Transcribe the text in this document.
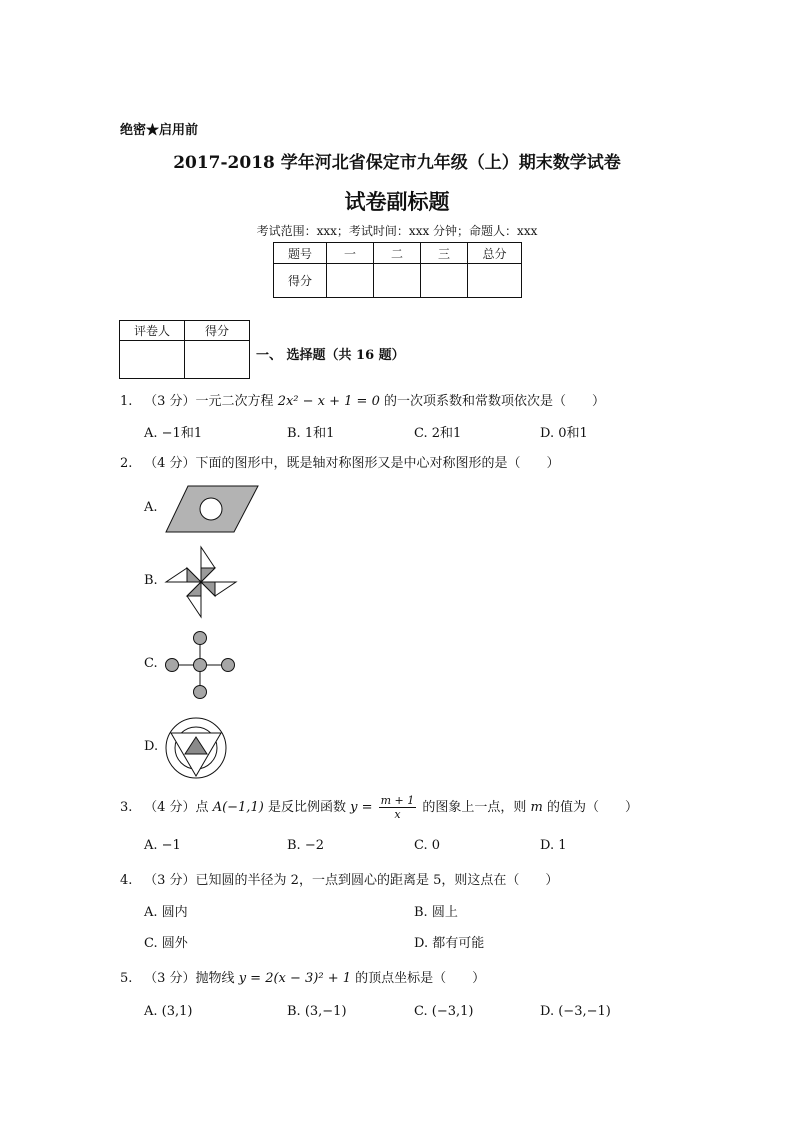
绝密★启用前
2017-2018 学年河北省保定市九年级（上）期末数学试卷
试卷副标题
考试范围：xxx；考试时间：xxx 分钟；命题人：xxx
题号	一	二	三	总分
得分				
评卷人	得分

一、 选择题（共 16 题）
1. （3 分）一元二次方程 2x² − x + 1 = 0 的一次项系数和常数项依次是（　　）
A. −1和1	B. 1和1	C. 2和1	D. 0和1
2. （4 分）下面的图形中，既是轴对称图形又是中心对称图形的是（　　）
A.
B.
C.
D.
3. （4 分）点 A(−1,1) 是反比例函数 $y = \frac{m + 1}{x}$ 的图象上一点，则 m 的值为（　　）
A. −1	B. −2	C. 0	D. 1
4. （3 分）已知圆的半径为 2，一点到圆心的距离是 5，则这点在（　　）
A. 圆内	B. 圆上
C. 圆外	D. 都有可能
5. （3 分）抛物线 y = 2(x − 3)² + 1 的顶点坐标是（　　）
A. (3,1)	B. (3,−1)	C. (−3,1)	D. (−3,−1)
